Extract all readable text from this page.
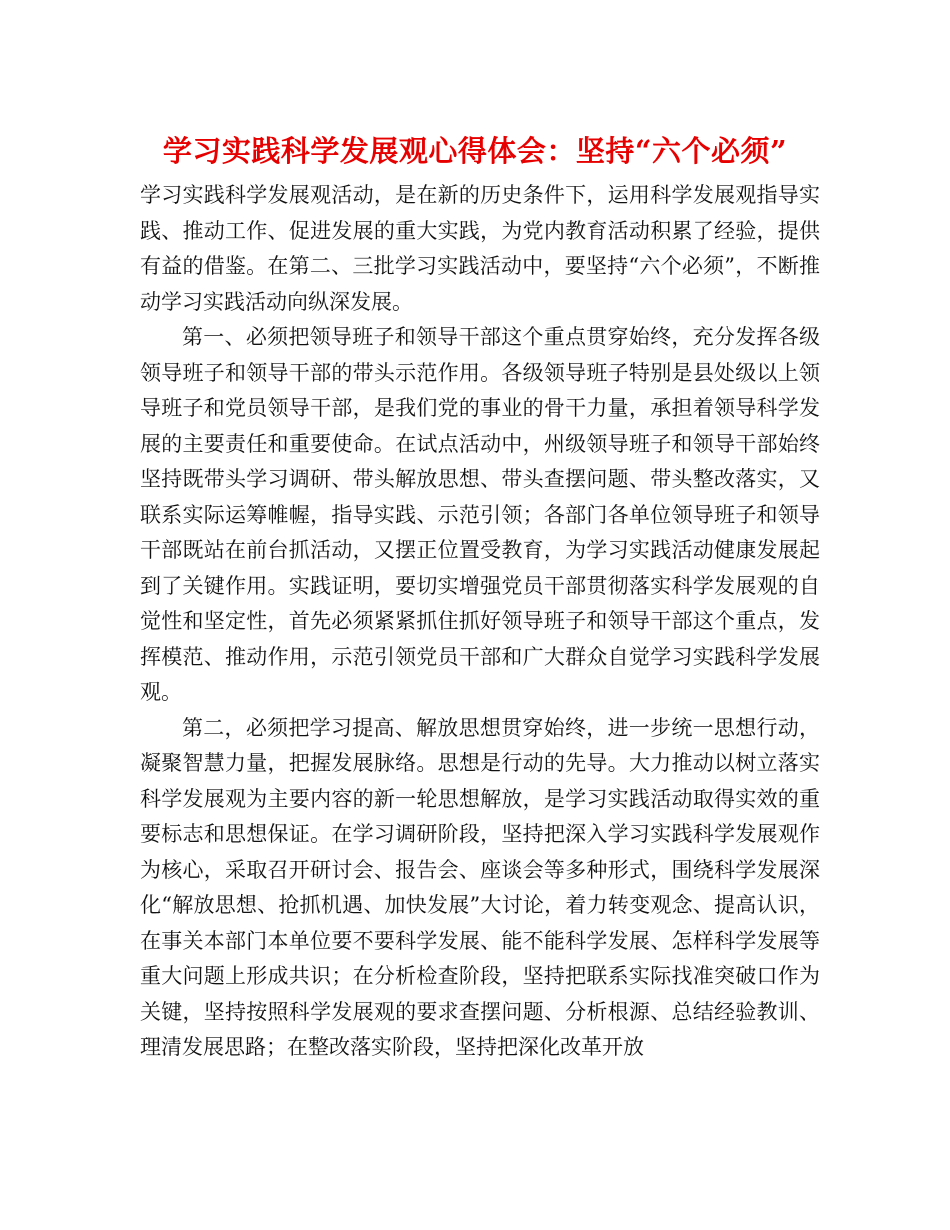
学习实践科学发展观心得体会：坚持“六个必须”

学习实践科学发展观活动，是在新的历史条件下，运用科学发展观指导实践、推动工作、促进发展的重大实践，为党内教育活动积累了经验，提供有益的借鉴。在第二、三批学习实践活动中，要坚持“六个必须”，不断推动学习实践活动向纵深发展。

第一、必须把领导班子和领导干部这个重点贯穿始终，充分发挥各级领导班子和领导干部的带头示范作用。各级领导班子特别是县处级以上领导班子和党员领导干部，是我们党的事业的骨干力量，承担着领导科学发展的主要责任和重要使命。在试点活动中，州级领导班子和领导干部始终坚持既带头学习调研、带头解放思想、带头查摆问题、带头整改落实，又联系实际运筹帷幄，指导实践、示范引领；各部门各单位领导班子和领导干部既站在前台抓活动，又摆正位置受教育，为学习实践活动健康发展起到了关键作用。实践证明，要切实增强党员干部贯彻落实科学发展观的自觉性和坚定性，首先必须紧紧抓住抓好领导班子和领导干部这个重点，发挥模范、推动作用，示范引领党员干部和广大群众自觉学习实践科学发展观。

第二，必须把学习提高、解放思想贯穿始终，进一步统一思想行动，凝聚智慧力量，把握发展脉络。思想是行动的先导。大力推动以树立落实科学发展观为主要内容的新一轮思想解放，是学习实践活动取得实效的重要标志和思想保证。在学习调研阶段，坚持把深入学习实践科学发展观作为核心，采取召开研讨会、报告会、座谈会等多种形式，围绕科学发展深化“解放思想、抢抓机遇、加快发展”大讨论，着力转变观念、提高认识，在事关本部门本单位要不要科学发展、能不能科学发展、怎样科学发展等重大问题上形成共识；在分析检查阶段，坚持把联系实际找准突破口作为关键，坚持按照科学发展观的要求查摆问题、分析根源、总结经验教训、理清发展思路；在整改落实阶段，坚持把深化改革开放
